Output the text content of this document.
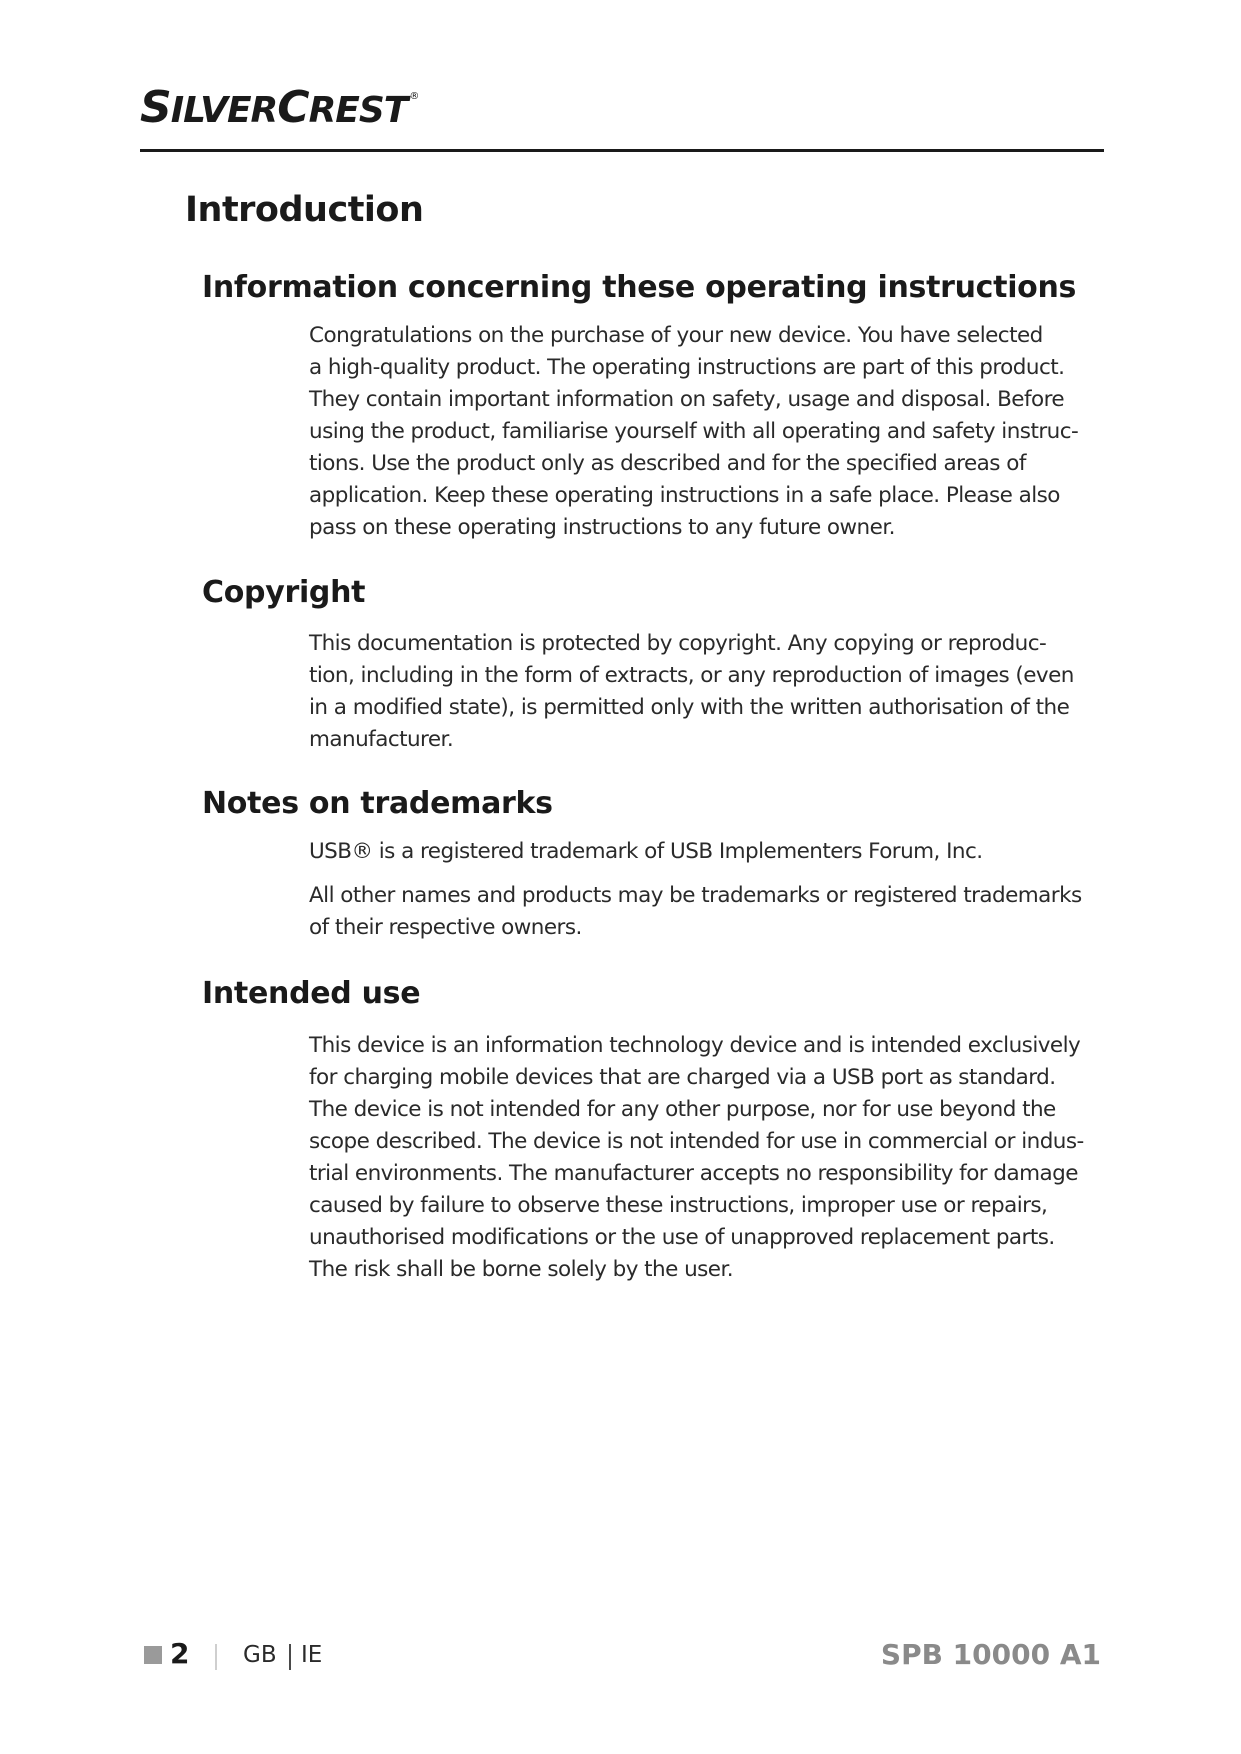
SILVERCREST ®
Introduction
Information concerning these operating instructions
Congratulations on the purchase of your new device. You have selected
a high-quality product. The operating instructions are part of this product.
They contain important information on safety, usage and disposal. Before
using the product, familiarise yourself with all operating and safety instruc-
tions. Use the product only as described and for the specified areas of
application. Keep these operating instructions in a safe place. Please also
pass on these operating instructions to any future owner.
Copyright
This documentation is protected by copyright. Any copying or reproduc-
tion, including in the form of extracts, or any reproduction of images (even
in a modified state), is permitted only with the written authorisation of the
manufacturer.
Notes on trademarks
USB® is a registered trademark of USB Implementers Forum, Inc.
All other names and products may be trademarks or registered trademarks
of their respective owners.
Intended use
This device is an information technology device and is intended exclusively
for charging mobile devices that are charged via a USB port as standard.
The device is not intended for any other purpose, nor for use beyond the
scope described. The device is not intended for use in commercial or indus-
trial environments. The manufacturer accepts no responsibility for damage
caused by failure to observe these instructions, improper use or repairs,
unauthorised modifications or the use of unapproved replacement parts.
The risk shall be borne solely by the user.
2 GB IE	SPB 10000 A1
